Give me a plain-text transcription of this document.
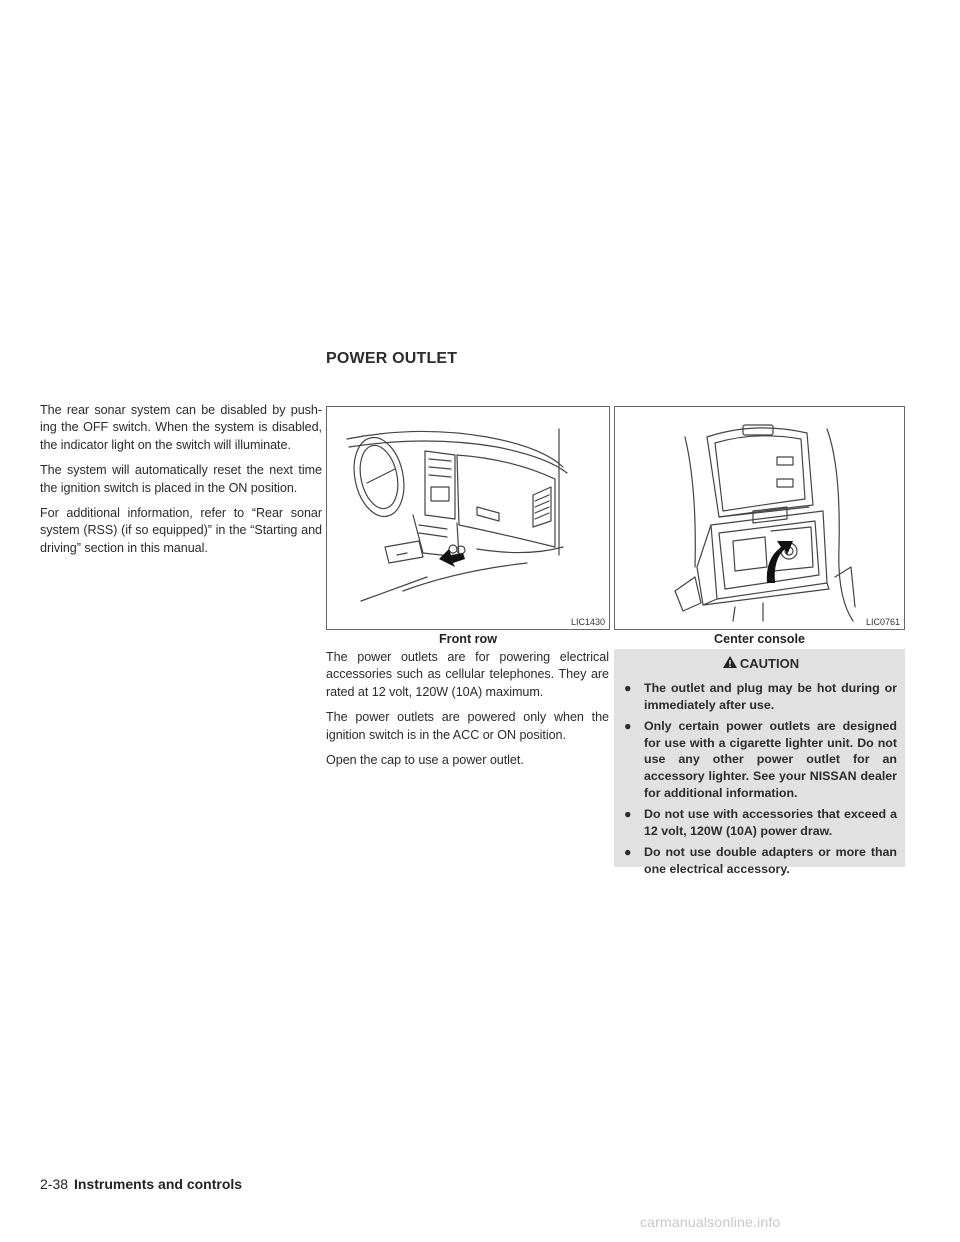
POWER OUTLET

The rear sonar system can be disabled by push-ing the OFF switch. When the system is disabled, the indicator light on the switch will illuminate.

The system will automatically reset the next time the ignition switch is placed in the ON position.

For additional information, refer to “Rear sonar system (RSS) (if so equipped)” in the “Starting and driving” section in this manual.

LIC1430
Front row
LIC0761
Center console

The power outlets are for powering electrical accessories such as cellular telephones. They are rated at 12 volt, 120W (10A) maximum.

The power outlets are powered only when the ignition switch is in the ACC or ON position.

Open the cap to use a power outlet.

CAUTION
● The outlet and plug may be hot during or immediately after use.
● Only certain power outlets are designed for use with a cigarette lighter unit. Do not use any other power outlet for an accessory lighter. See your NISSAN dealer for additional information.
● Do not use with accessories that exceed a 12 volt, 120W (10A) power draw.
● Do not use double adapters or more than one electrical accessory.
2-38 Instruments and controls
carmanualsonline.info
